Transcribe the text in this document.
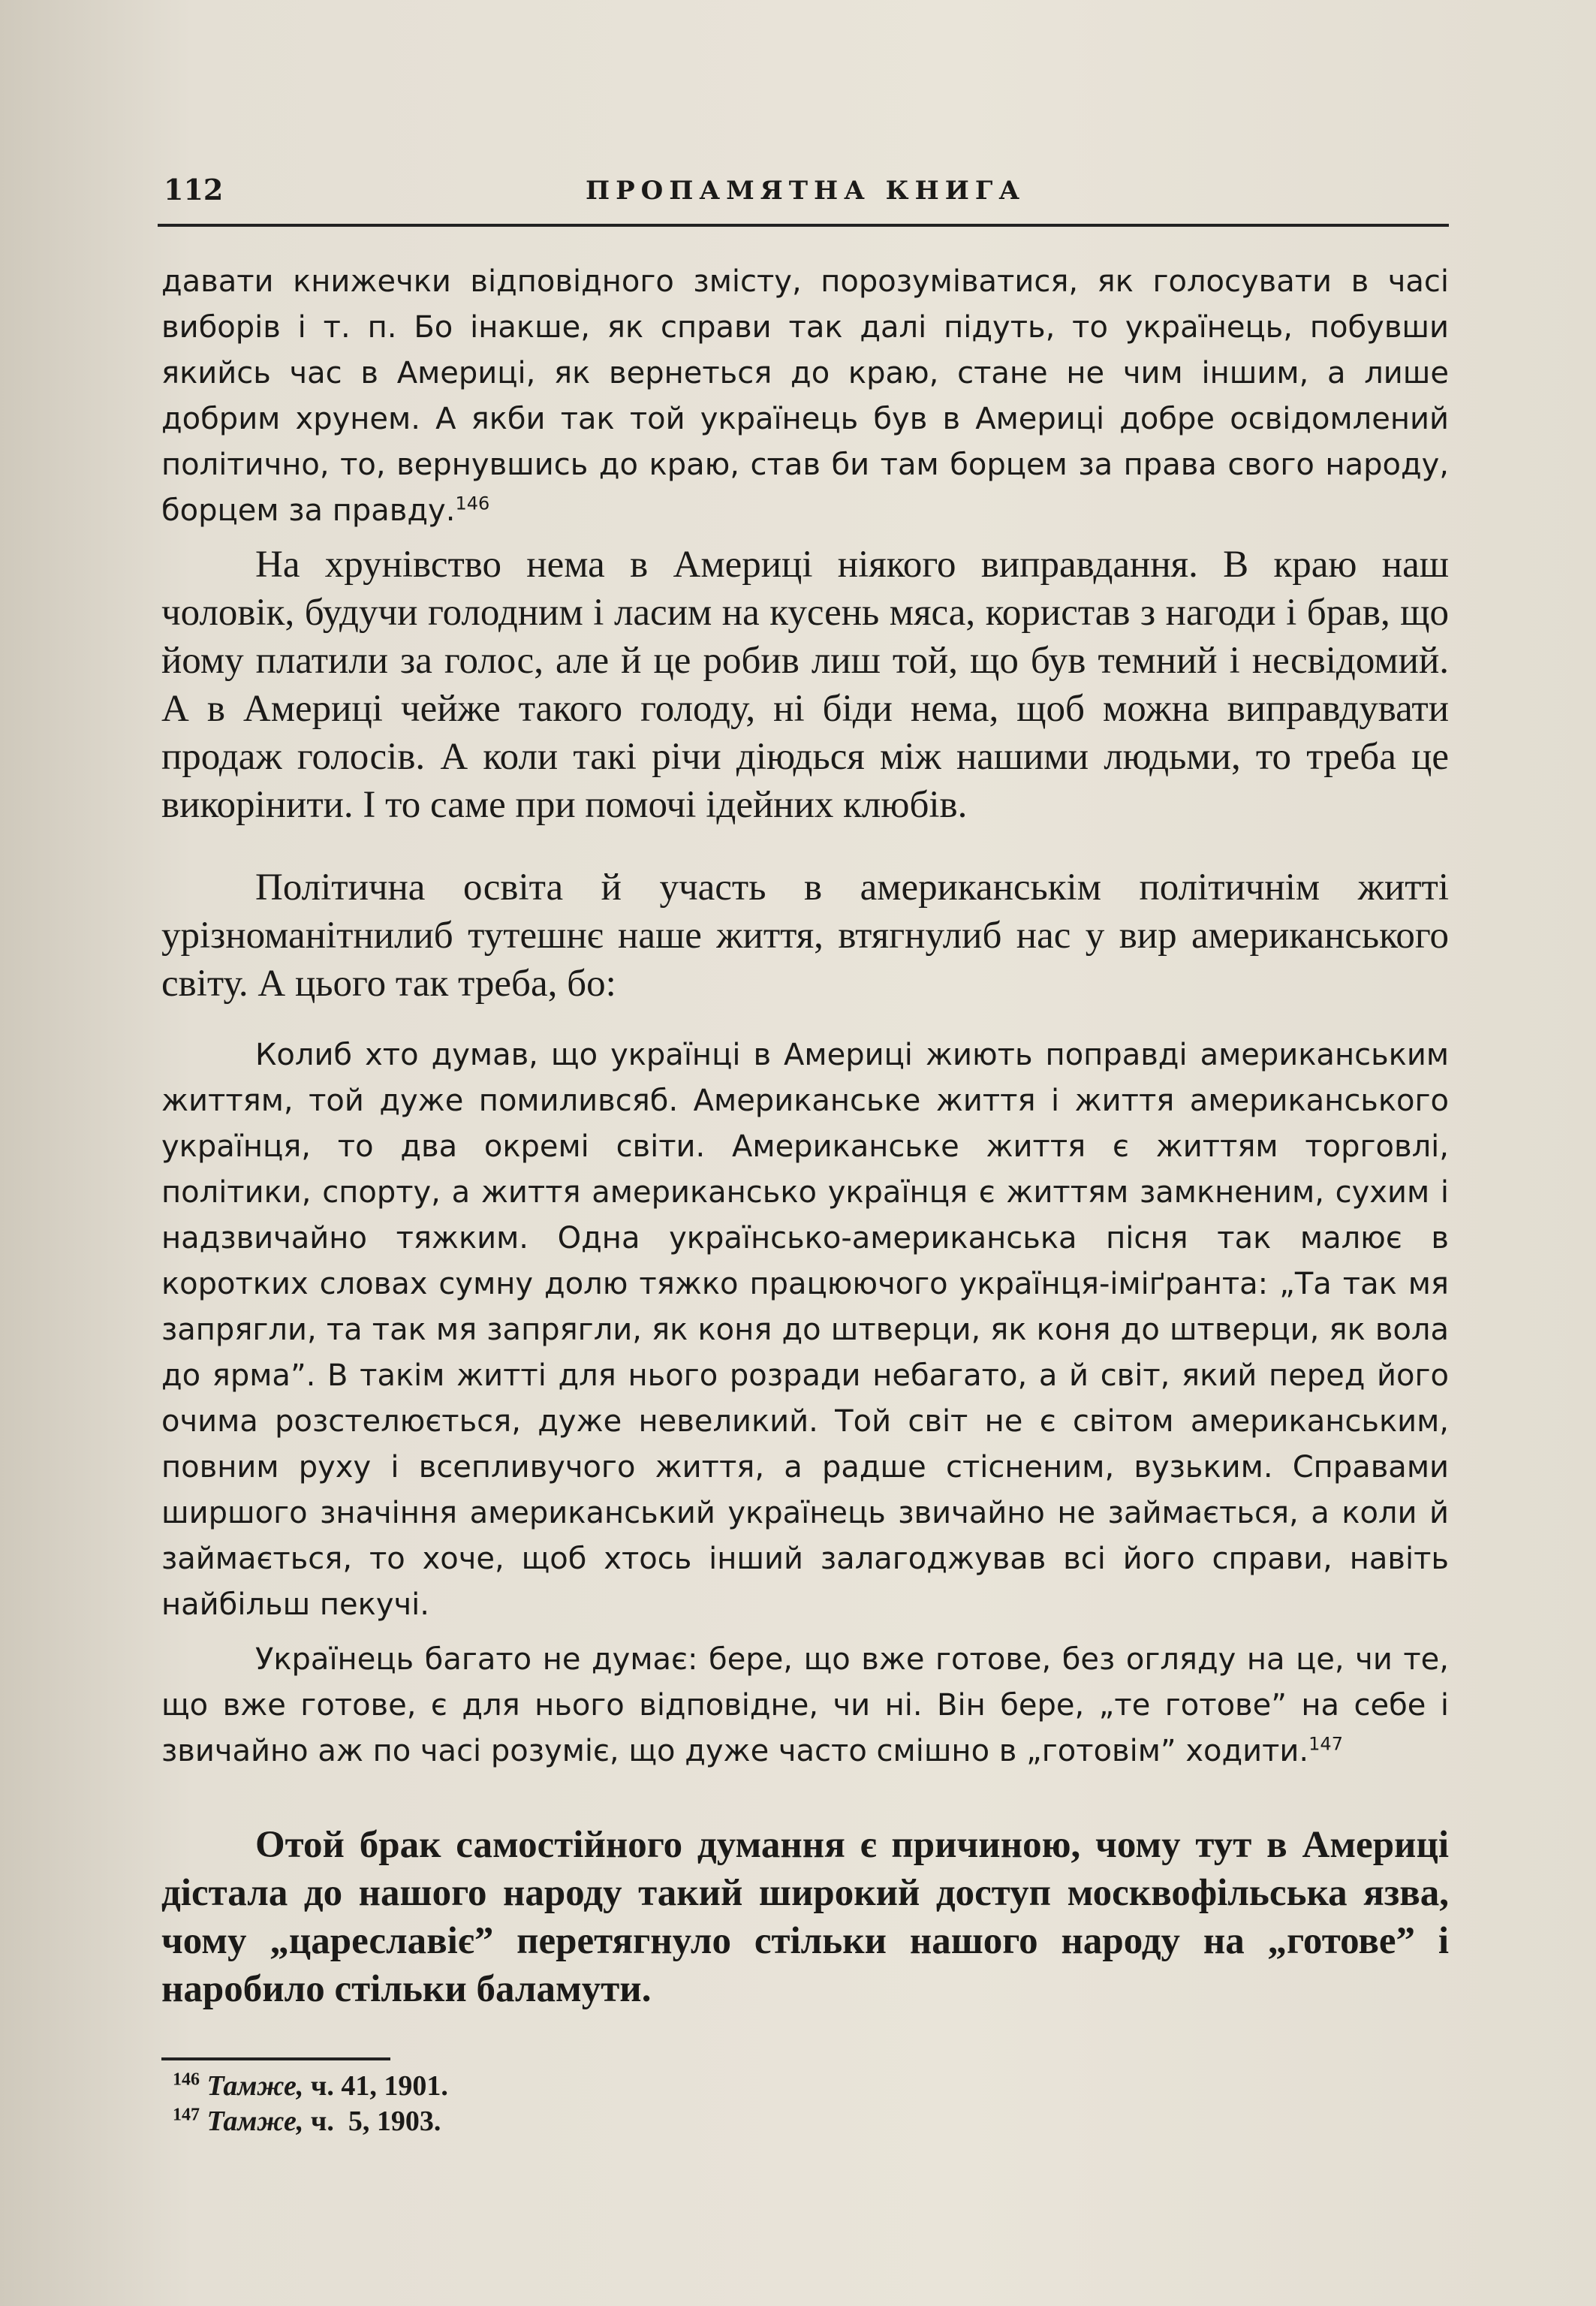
112	ПРОПАМЯТНА КНИГА

давати книжечки відповідного змісту, порозуміватися, як голосувати в часі виборів і т. п. Бо інакше, як справи так далі підуть, то українець, побувши якийсь час в Америці, як вернеться до краю, стане не чим іншим, а лише добрим хрунем. А якби так той українець був в Америці добре освідомлений політично, то, вернувшись до краю, став би там борцем за права свого народу, борцем за правду.$^{146}$

На хрунівство нема в Америці ніякого виправдання. В краю наш чоловік, будучи голодним і ласим на кусень мяса, користав з нагоди і брав, що йому платили за голос, але й це робив лиш той, що був темний і несвідомий. А в Америці чейже такого голоду, ні біди нема, щоб можна виправдувати продаж голосів. А коли такі річи діюдься між нашими людьми, то треба це викорінити. І то саме при помочі ідейних клюбів.

Політична освіта й участь в американськім політичнім житті урізноманітнилиб тутешнє наше життя, втягнулиб нас у вир американського світу. А цього так треба, бо:

Колиб хто думав, що українці в Америці жиють поправді американським життям, той дуже помиливсяб. Американське життя і життя американського українця, то два окремі світи. Американське життя є життям торговлі, політики, спорту, а життя американсько українця є життям замкненим, сухим і надзвичайно тяжким. Одна українсько-американська пісня так малює в коротких словах сумну долю тяжко працюючого українця-іміґранта: „Та так мя запрягли, та так мя запрягли, як коня до штверци, як коня до штверци, як вола до ярма”. В такім житті для нього розради небагато, а й світ, який перед його очима розстелюється, дуже невеликий. Той світ не є світом американським, повним руху і всепливучого життя, а радше стісненим, вузьким. Справами ширшого значіння американський українець звичайно не займається, а коли й займається, то хоче, щоб хтось інший залагоджував всі його справи, навіть найбільш пекучі.

Українець багато не думає: бере, що вже готове, без огляду на це, чи те, що вже готове, є для нього відповідне, чи ні. Він бере, „те готове” на себе і звичайно аж по часі розуміє, що дуже часто смішно в „готовім” ходити.$^{147}$

Отой брак самостійного думання є причиною, чому тут в Америці дістала до нашого народу такий широкий доступ москвофільська язва, чому „цареславіє” перетягнуло стільки нашого народу на „готове” і наробило стільки баламути.

$^{146}$ Тамже, ч. 41, 1901.
$^{147}$ Тамже, ч.  5, 1903.
